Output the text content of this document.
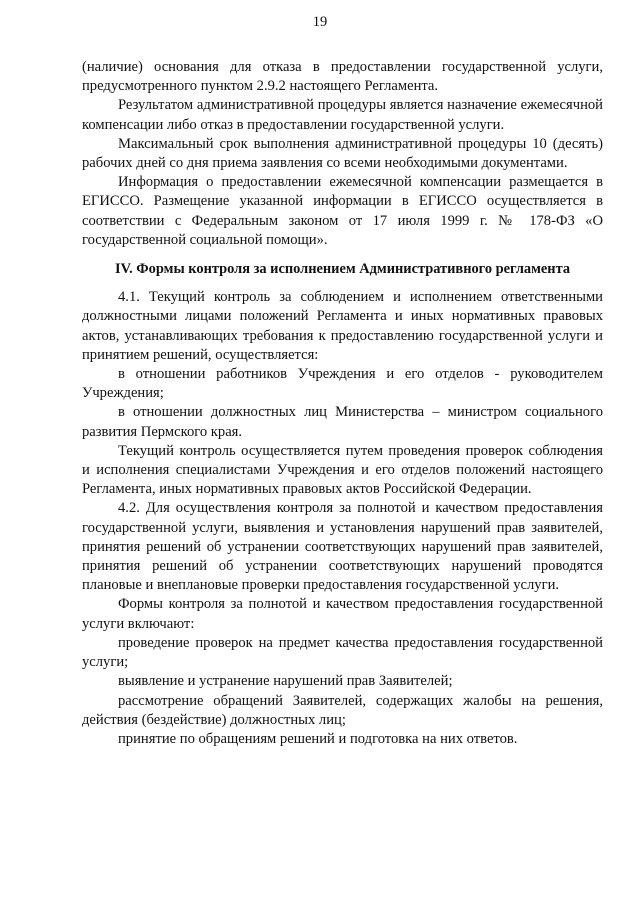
19

(наличие) основания для отказа в предоставлении государственной услуги, предусмотренного пунктом 2.9.2 настоящего Регламента.

Результатом административной процедуры является назначение ежемесячной компенсации либо отказ в предоставлении государственной услуги.

Максимальный срок выполнения административной процедуры 10 (десять) рабочих дней со дня приема заявления со всеми необходимыми документами.

Информация о предоставлении ежемесячной компенсации размещается в ЕГИССО. Размещение указанной информации в ЕГИССО осуществляется в соответствии с Федеральным законом от 17 июля 1999 г. № 178-ФЗ «О государственной социальной помощи».

IV. Формы контроля за исполнением Административного регламента

4.1. Текущий контроль за соблюдением и исполнением ответственными должностными лицами положений Регламента и иных нормативных правовых актов, устанавливающих требования к предоставлению государственной услуги и принятием решений, осуществляется:

в отношении работников Учреждения и его отделов - руководителем Учреждения;

в отношении должностных лиц Министерства – министром социального развития Пермского края.

Текущий контроль осуществляется путем проведения проверок соблюдения и исполнения специалистами Учреждения и его отделов положений настоящего Регламента, иных нормативных правовых актов Российской Федерации.

4.2. Для осуществления контроля за полнотой и качеством предоставления государственной услуги, выявления и установления нарушений прав заявителей, принятия решений об устранении соответствующих нарушений прав заявителей, принятия решений об устранении соответствующих нарушений проводятся плановые и внеплановые проверки предоставления государственной услуги.

Формы контроля за полнотой и качеством предоставления государственной услуги включают:

проведение проверок на предмет качества предоставления государственной услуги;

выявление и устранение нарушений прав Заявителей;

рассмотрение обращений Заявителей, содержащих жалобы на решения, действия (бездействие) должностных лиц;

принятие по обращениям решений и подготовка на них ответов.
